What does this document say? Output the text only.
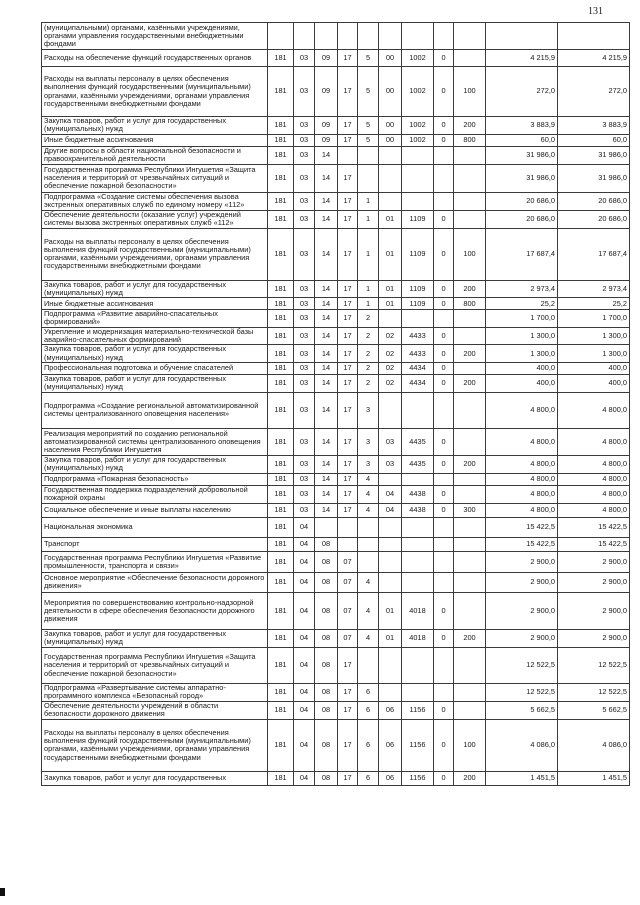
131
(муниципальными) органами, казёнными учреждениями, органами управления государственными внебюджетными фондами											
Расходы на обеспечение функций государственных органов	181	03	09	17	5	00	1002	0		4 215,9	4 215,9
Расходы на выплаты персоналу в целях обеспечения выполнения функций государственными (муниципальными) органами, казёнными учреждениями, органами управления государственными внебюджетными фондами	181	03	09	17	5	00	1002	0	100	272,0	272,0
Закупка товаров, работ и услуг для государственных (муниципальных) нужд	181	03	09	17	5	00	1002	0	200	3 883,9	3 883,9
Иные бюджетные ассигнования	181	03	09	17	5	00	1002	0	800	60,0	60,0
Другие вопросы в области национальной безопасности и правоохранительной деятельности	181	03	14							31 986,0	31 986,0
Государственная программа Республики Ингушетия «Защита населения и территорий от чрезвычайных ситуаций и обеспечение пожарной безопасности»	181	03	14	17						31 986,0	31 986,0
Подпрограмма «Создание системы обеспечения вызова экстренных оперативных служб по единому номеру «112»	181	03	14	17	1					20 686,0	20 686,0
Обеспечение деятельности (оказание услуг) учреждений системы вызова экстренных оперативных служб «112»	181	03	14	17	1	01	1109	0		20 686,0	20 686,0
Расходы на выплаты персоналу в целях обеспечения выполнения функций государственными (муниципальными) органами, казёнными учреждениями, органами управления государственными внебюджетными фондами	181	03	14	17	1	01	1109	0	100	17 687,4	17 687,4
Закупка товаров, работ и услуг для государственных (муниципальных) нужд	181	03	14	17	1	01	1109	0	200	2 973,4	2 973,4
Иные бюджетные ассигнования	181	03	14	17	1	01	1109	0	800	25,2	25,2
Подпрограмма «Развитие аварийно-спасательных формирований»	181	03	14	17	2					1 700,0	1 700,0
Укрепление и модернизация материально-технической базы аварийно-спасательных формирований	181	03	14	17	2	02	4433	0		1 300,0	1 300,0
Закупка товаров, работ и услуг для государственных (муниципальных) нужд	181	03	14	17	2	02	4433	0	200	1 300,0	1 300,0
Профессиональная подготовка и обучение спасателей	181	03	14	17	2	02	4434	0		400,0	400,0
Закупка товаров, работ и услуг для государственных (муниципальных) нужд	181	03	14	17	2	02	4434	0	200	400,0	400,0
Подпрограмма «Создание региональной автоматизированной системы централизованного оповещения населения»	181	03	14	17	3					4 800,0	4 800,0
Реализация мероприятий по созданию региональной автоматизированной системы централизованного оповещения населения Республики Ингушетия	181	03	14	17	3	03	4435	0		4 800,0	4 800,0
Закупка товаров, работ и услуг для государственных (муниципальных) нужд	181	03	14	17	3	03	4435	0	200	4 800,0	4 800,0
Подпрограмма «Пожарная безопасность»	181	03	14	17	4					4 800,0	4 800,0
Государственная поддержка подразделений добровольной пожарной охраны	181	03	14	17	4	04	4438	0		4 800,0	4 800,0
Социальное обеспечение и иные выплаты населению	181	03	14	17	4	04	4438	0	300	4 800,0	4 800,0
Национальная экономика	181	04								15 422,5	15 422,5
Транспорт	181	04	08							15 422,5	15 422,5
Государственная программа Республики Ингушетия «Развитие промышленности, транспорта и связи»	181	04	08	07						2 900,0	2 900,0
Основное мероприятие «Обеспечение безопасности дорожного движения»	181	04	08	07	4					2 900,0	2 900,0
Мероприятия по совершенствованию контрольно-надзорной деятельности в сфере обеспечения безопасности дорожного движения	181	04	08	07	4	01	4018	0		2 900,0	2 900,0
Закупка товаров, работ и услуг для государственных (муниципальных) нужд	181	04	08	07	4	01	4018	0	200	2 900,0	2 900,0
Государственная программа Республики Ингушетия «Защита населения и территорий от чрезвычайных ситуаций и обеспечение пожарной безопасности»	181	04	08	17						12 522,5	12 522,5
Подпрограмма «Развертывание системы аппаратно-программного комплекса «Безопасный город»	181	04	08	17	6					12 522,5	12 522,5
Обеспечение деятельности учреждений в области безопасности дорожного движения	181	04	08	17	6	06	1156	0		5 662,5	5 662,5
Расходы на выплаты персоналу в целях обеспечения выполнения функций государственными (муниципальными) органами, казёнными учреждениями, органами управления государственными внебюджетными фондами	181	04	08	17	6	06	1156	0	100	4 086,0	4 086,0
Закупка товаров, работ и услуг для государственных	181	04	08	17	6	06	1156	0	200	1 451,5	1 451,5
